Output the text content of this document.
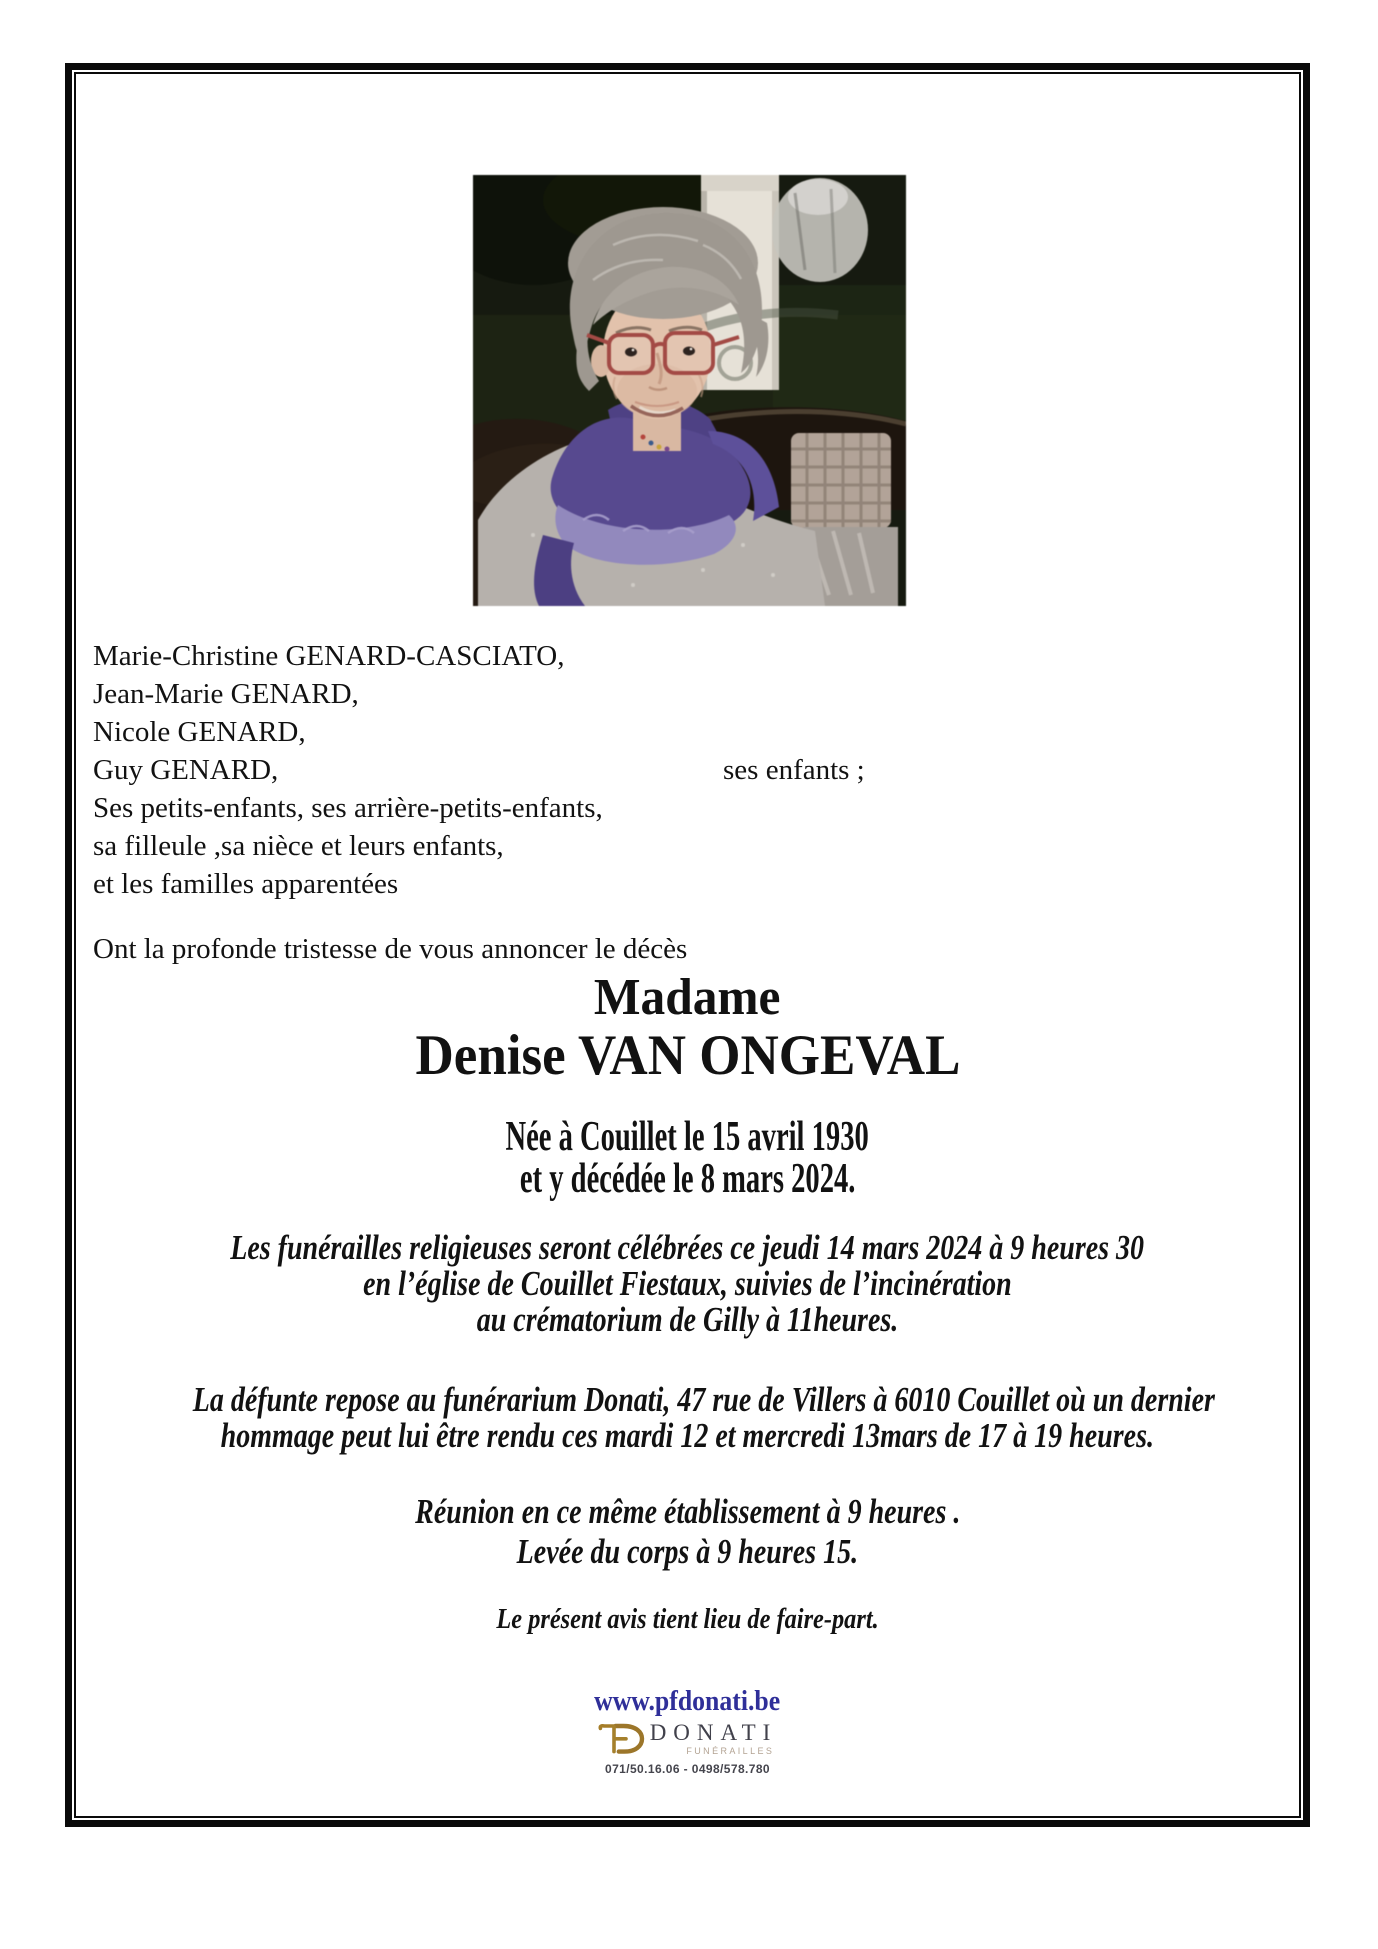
Marie-Christine GENARD-CASCIATO,
Jean-Marie GENARD,
Nicole GENARD,
Guy GENARD,	ses enfants ;
Ses petits-enfants, ses arrière-petits-enfants,
sa filleule ,sa nièce et leurs enfants,
et les familles apparentées
Ont la profonde tristesse de vous annoncer le décès
Madame
Denise VAN ONGEVAL
Née à Couillet le 15 avril 1930
et y décédée le 8 mars 2024.
Les funérailles religieuses seront célébrées ce jeudi 14 mars 2024 à 9 heures 30
en l’église de Couillet Fiestaux, suivies de l’incinération
au crématorium de Gilly à 11heures.
La défunte repose au funérarium Donati, 47 rue de Villers à 6010 Couillet où un dernier
hommage peut lui être rendu ces mardi 12 et mercredi 13mars de 17 à 19 heures.
Réunion en ce même établissement à 9 heures .
Levée du corps à 9 heures 15.
Le présent avis tient lieu de faire-part.
www.pfdonati.be
DONATI
FUNÉRAILLES
071/50.16.06 - 0498/578.780
